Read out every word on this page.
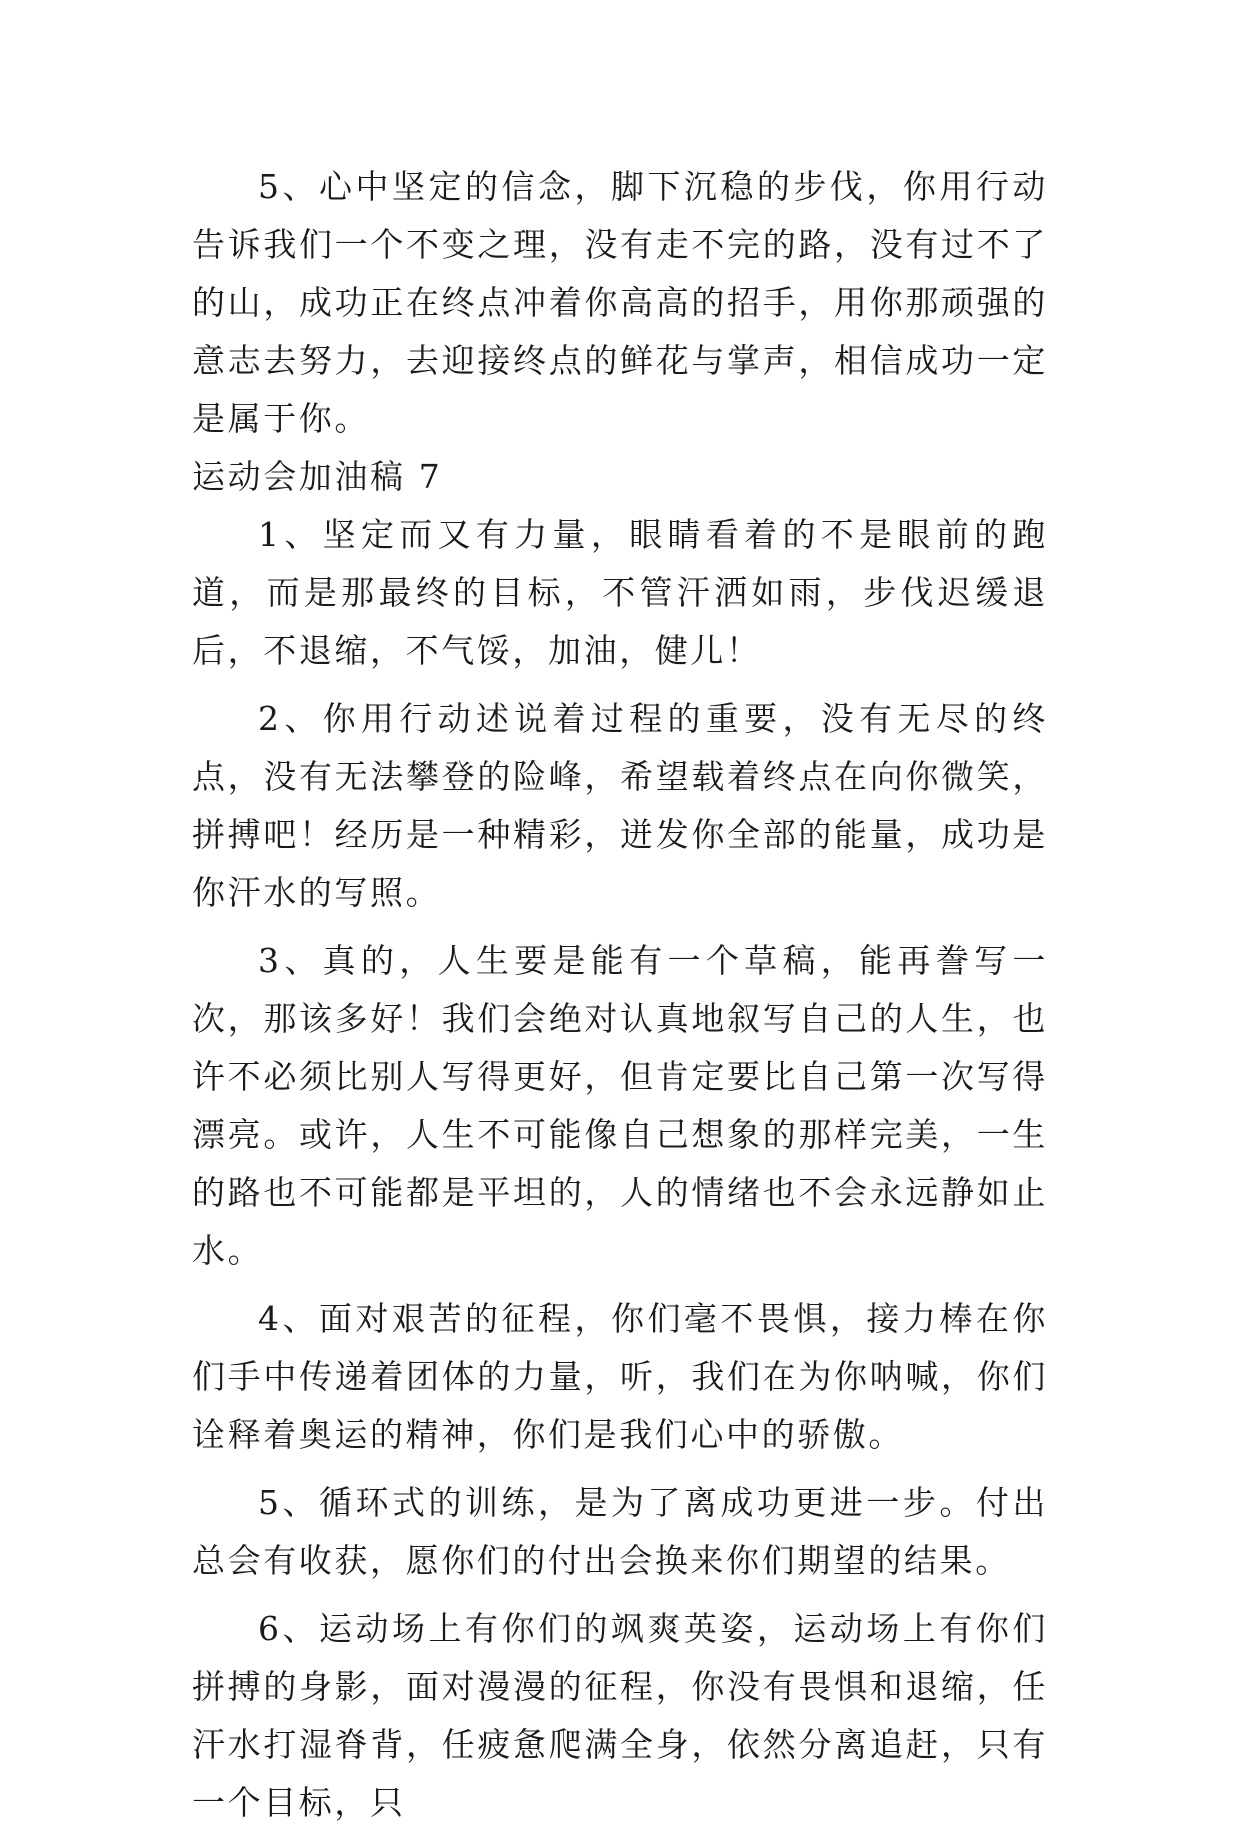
5、心中坚定的信念，脚下沉稳的步伐，你用行动告诉我们一个不变之理，没有走不完的路，没有过不了的山，成功正在终点冲着你高高的招手，用你那顽强的意志去努力，去迎接终点的鲜花与掌声，相信成功一定是属于你。

运动会加油稿 7

1、坚定而又有力量，眼睛看着的不是眼前的跑道，而是那最终的目标，不管汗洒如雨，步伐迟缓退后，不退缩，不气馁，加油，健儿！

2、你用行动述说着过程的重要，没有无尽的终点，没有无法攀登的险峰，希望载着终点在向你微笑，拼搏吧！经历是一种精彩，迸发你全部的能量，成功是你汗水的写照。

3、真的，人生要是能有一个草稿，能再誊写一次，那该多好！我们会绝对认真地叙写自己的人生，也许不必须比别人写得更好，但肯定要比自己第一次写得漂亮。或许，人生不可能像自己想象的那样完美，一生的路也不可能都是平坦的，人的情绪也不会永远静如止水。

4、面对艰苦的征程，你们毫不畏惧，接力棒在你们手中传递着团体的力量，听，我们在为你呐喊，你们诠释着奥运的精神，你们是我们心中的骄傲。

5、循环式的训练，是为了离成功更进一步。付出总会有收获，愿你们的付出会换来你们期望的结果。

6、运动场上有你们的飒爽英姿，运动场上有你们拼搏的身影，面对漫漫的征程，你没有畏惧和退缩，任汗水打湿脊背，任疲惫爬满全身，依然分离追赶，只有一个目标，只
